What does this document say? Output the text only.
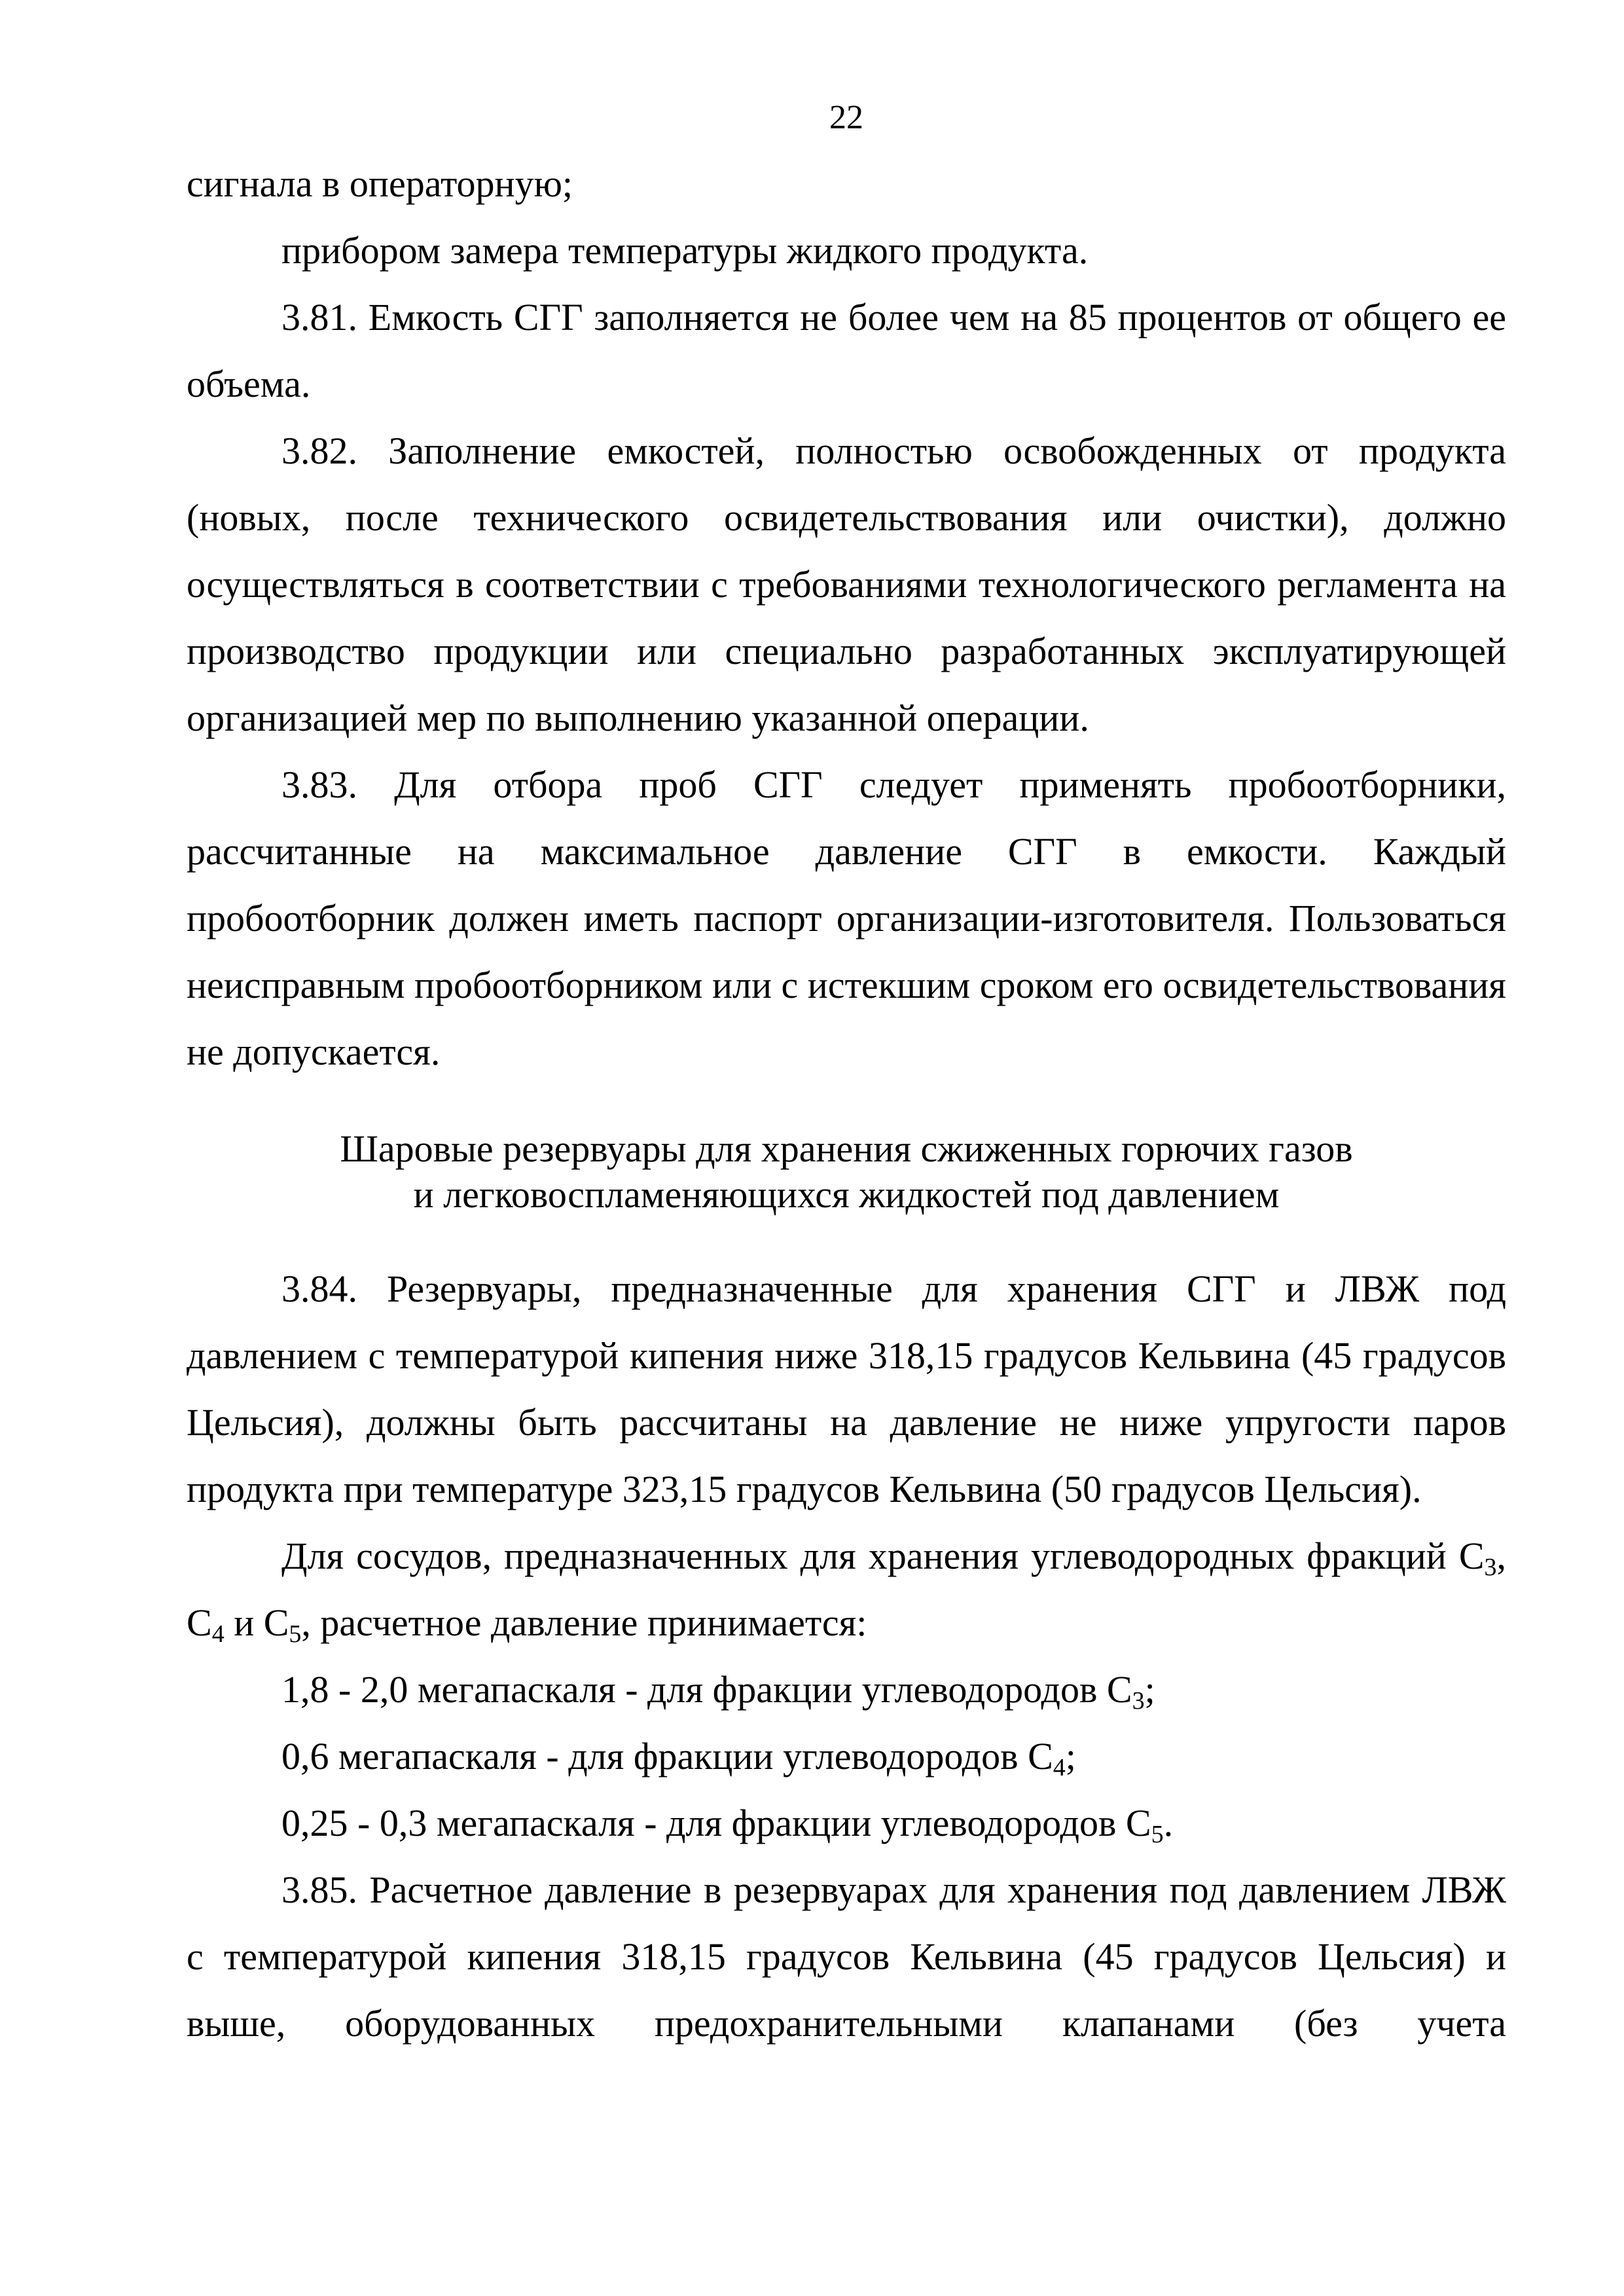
22

сигнала в операторную;

прибором замера температуры жидкого продукта.

3.81. Емкость СГГ заполняется не более чем на 85 процентов от общего ее объема.

3.82. Заполнение емкостей, полностью освобожденных от продукта (новых, после технического освидетельствования или очистки), должно осуществляться в соответствии с требованиями технологического регламента на производство продукции или специально разработанных эксплуатирующей организацией мер по выполнению указанной операции.

3.83. Для отбора проб СГГ следует применять пробоотборники, рассчитанные на максимальное давление СГГ в емкости. Каждый пробоотборник должен иметь паспорт организации-изготовителя. Пользоваться неисправным пробоотборником или с истекшим сроком его освидетельствования не допускается.

Шаровые резервуары для хранения сжиженных горючих газов
и легковоспламеняющихся жидкостей под давлением

3.84. Резервуары, предназначенные для хранения СГГ и ЛВЖ под давлением с температурой кипения ниже 318,15 градусов Кельвина (45 градусов Цельсия), должны быть рассчитаны на давление не ниже упругости паров продукта при температуре 323,15 градусов Кельвина (50 градусов Цельсия).

Для сосудов, предназначенных для хранения углеводородных фракций $С_3$, $С_4$ и $С_5$, расчетное давление принимается:

1,8 - 2,0 мегапаскаля - для фракции углеводородов $С_3$;

0,6 мегапаскаля - для фракции углеводородов $С_4$;

0,25 - 0,3 мегапаскаля - для фракции углеводородов $С_5$.

3.85. Расчетное давление в резервуарах для хранения под давлением ЛВЖ с температурой кипения 318,15 градусов Кельвина (45 градусов Цельсия) и выше, оборудованных предохранительными клапанами (без учета
